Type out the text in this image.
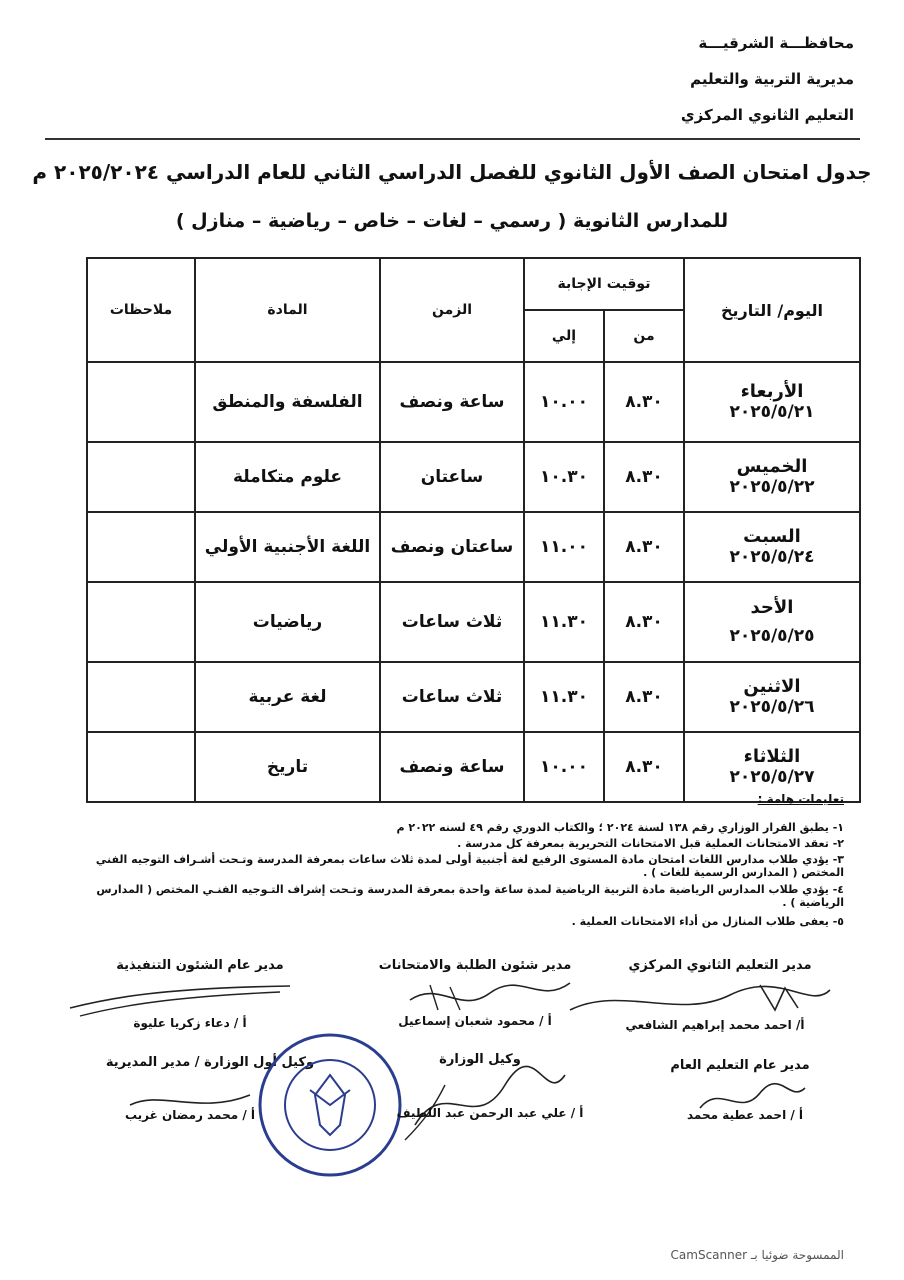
محافظـــة الشرقيـــة
مديرية التربية والتعليم
التعليم الثانوي المركزي
جدول امتحان الصف الأول الثانوي للفصل الدراسي الثاني للعام الدراسي ٢٠٢٥/٢٠٢٤ م
للمدارس الثانوية ( رسمي – لغات – خاص – رياضية – منازل )
اليوم/ التاريخ	توقيت الإجابة		الزمن	المادة	ملاحظات
	من	إلي			

الأربعاء
٢٠٢٥/٥/٢١	٨.٣٠	١٠.٠٠	ساعة ونصف	الفلسفة والمنطق	

الخميس
٢٠٢٥/٥/٢٢	٨.٣٠	١٠.٣٠	ساعتان	علوم متكاملة	

السبت
٢٠٢٥/٥/٢٤	٨.٣٠	١١.٠٠	ساعتان ونصف	اللغة الأجنبية الأولي	

الأحد
٢٠٢٥/٥/٢٥	٨.٣٠	١١.٣٠	ثلاث ساعات	رياضيات	

الاثنين
٢٠٢٥/٥/٢٦	٨.٣٠	١١.٣٠	ثلاث ساعات	لغة عربية	

الثلاثاء
٢٠٢٥/٥/٢٧	٨.٣٠	١٠.٠٠	ساعة ونصف	تاريخ	
تعليمات هامة :
١- يطبق القرار الوزاري رقم ١٣٨ لسنة ٢٠٢٤ ؛ والكتاب الدوري رقم ٤٩ لسنه ٢٠٢٢ م
٢- تعقد الامتحانات العملية قبل الامتحانات التحريرية بمعرفة كل مدرسة .
٣- يؤدي طلاب مدارس اللغات امتحان مادة المستوى الرفيع لغة أجنبية أولى لمدة ثلاث ساعات بمعرفة المدرسة وتـحت أشـراف التوجيه الفني المختص ( المدارس الرسمية للغات ) .
٤- يؤدي طلاب المدارس الرياضية مادة التربية الرياضية لمدة ساعة واحدة بمعرفة المدرسة وتـحت إشراف التـوجيه الفنـي المختص ( المدارس الرياضية ) .
٥- يعفى طلاب المنازل من أداء الامتحانات العملية .
مدير التعليم الثانوي المركزي
مدير شئون الطلبة والامتحانات
مدير عام الشئون التنفيذية
أ/ احمد محمد إبراهيم الشافعي
أ / محمود شعبان إسماعيل
أ / دعاء زكريا عليوة
مدير عام التعليم العام
وكيل الوزارة
وكيل أول الوزارة / مدير المديرية
أ / احمد عطية محمد
أ / علي عبد الرحمن عبد اللطيف
أ / محمد رمضان غريب
الممسوحة ضوئيا بـ CamScanner
